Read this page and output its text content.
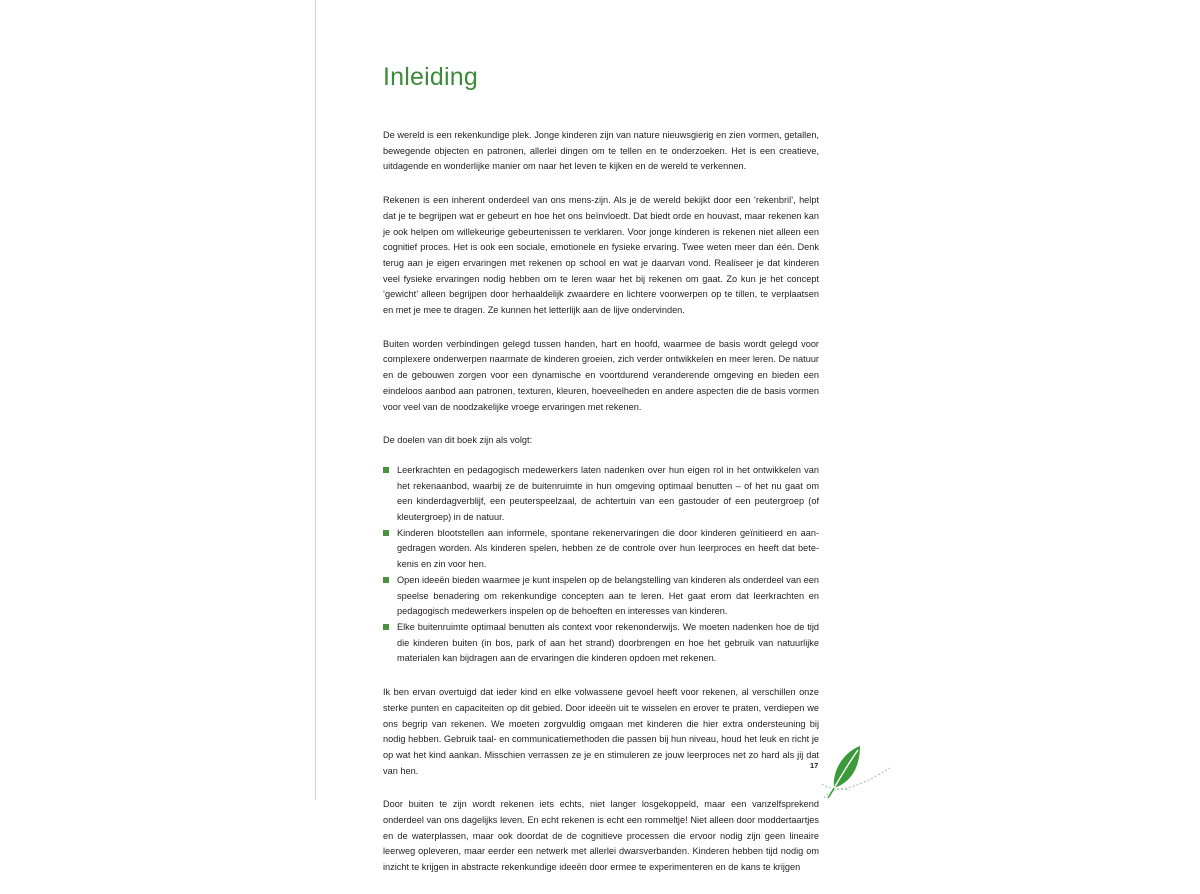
Inleiding

De wereld is een rekenkundige plek. Jonge kinderen zijn van nature nieuwsgierig en zien vormen, getallen, bewegende objecten en patronen, allerlei dingen om te tellen en te onderzoeken. Het is een creatieve, uitdagende en wonderlijke manier om naar het leven te kijken en de wereld te verkennen.

Rekenen is een inherent onderdeel van ons mens-zijn. Als je de wereld bekijkt door een ‘rekenbril’, helpt dat je te begrijpen wat er gebeurt en hoe het ons beïnvloedt. Dat biedt orde en houvast, maar rekenen kan je ook helpen om willekeurige gebeurtenissen te verklaren. Voor jonge kinderen is rekenen niet alleen een cognitief proces. Het is ook een sociale, emotionele en fysieke ervaring. Twee weten meer dan één. Denk terug aan je eigen ervaringen met rekenen op school en wat je daarvan vond. Realiseer je dat kinderen veel fysieke ervaringen nodig hebben om te leren waar het bij rekenen om gaat. Zo kun je het concept ‘gewicht’ alleen begrijpen door herhaaldelijk zwaardere en lichtere voorwerpen op te tillen, te verplaatsen en met je mee te dragen. Ze kunnen het letterlijk aan de lijve ondervinden.

Buiten worden verbindingen gelegd tussen handen, hart en hoofd, waarmee de basis wordt gelegd voor complexere onderwerpen naarmate de kinderen groeien, zich verder ontwikkelen en meer leren. De natuur en de gebouwen zorgen voor een dynamische en voortdurend veranderende omgeving en bieden een eindeloos aanbod aan patronen, texturen, kleuren, hoeveelheden en andere aspecten die de basis vormen voor veel van de noodzakelijke vroege ervaringen met rekenen.

De doelen van dit boek zijn als volgt:

Leerkrachten en pedagogisch medewerkers laten nadenken over hun eigen rol in het ontwikkelen van het rekenaanbod, waarbij ze de buitenruimte in hun omgeving optimaal benutten – of het nu gaat om een kinderdagverblijf, een peuterspeelzaal, de achtertuin van een gastouder of een peutergroep (of kleutergroep) in de natuur.
Kinderen blootstellen aan informele, spontane rekenervaringen die door kinderen geïnitieerd en aangedragen worden. Als kinderen spelen, hebben ze de controle over hun leerproces en heeft dat betekenis en zin voor hen.
Open ideeën bieden waarmee je kunt inspelen op de belangstelling van kinderen als onderdeel van een speelse benadering om rekenkundige concepten aan te leren. Het gaat erom dat leerkrachten en pedagogisch medewerkers inspelen op de behoeften en interesses van kinderen.
Elke buitenruimte optimaal benutten als context voor rekenonderwijs. We moeten nadenken hoe de tijd die kinderen buiten (in bos, park of aan het strand) doorbrengen en hoe het gebruik van natuurlijke materialen kan bijdragen aan de ervaringen die kinderen opdoen met rekenen.

Ik ben ervan overtuigd dat ieder kind en elke volwassene gevoel heeft voor rekenen, al verschillen onze sterke punten en capaciteiten op dit gebied. Door ideeën uit te wisselen en erover te praten, verdiepen we ons begrip van rekenen. We moeten zorgvuldig omgaan met kinderen die hier extra ondersteuning bij nodig hebben. Gebruik taal- en communicatiemethoden die passen bij hun niveau, houd het leuk en richt je op wat het kind aankan. Misschien verrassen ze je en stimuleren ze jouw leerproces net zo hard als jij dat van hen.

Door buiten te zijn wordt rekenen iets echts, niet langer losgekoppeld, maar een vanzelfsprekend onderdeel van ons dagelijks leven. En echt rekenen is echt een rommeltje! Niet alleen door moddertaartjes en de waterplassen, maar ook doordat de de cognitieve processen die ervoor nodig zijn geen lineaire leerweg opleveren, maar eerder een netwerk met allerlei dwarsverbanden. Kinderen hebben tijd nodig om inzicht te krijgen in abstracte rekenkundige ideeën door ermee te experimenteren en de kans te krijgen

17
